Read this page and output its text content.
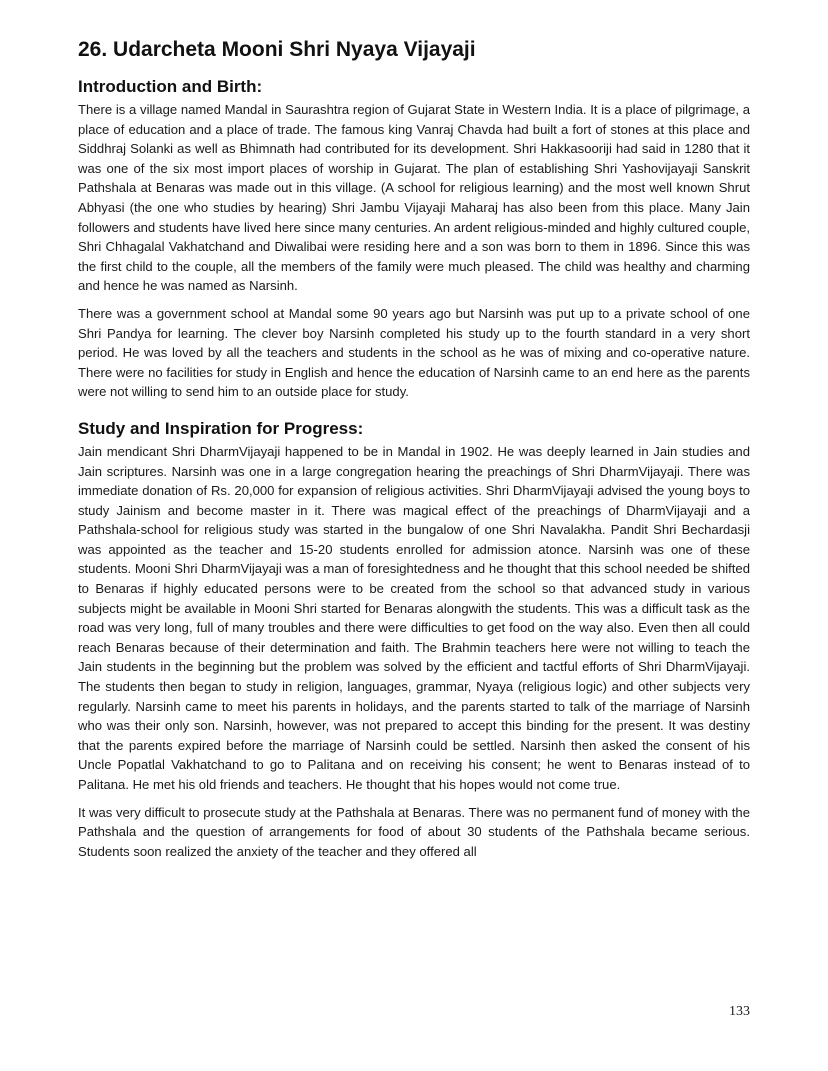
26. Udarcheta Mooni Shri Nyaya Vijayaji
Introduction and Birth:

There is a village named Mandal in Saurashtra region of Gujarat State in Western India. It is a place of pilgrimage, a place of education and a place of trade. The famous king Vanraj Chavda had built a fort of stones at this place and Siddhraj Solanki as well as Bhimnath had contributed for its development. Shri Hakkasooriji had said in 1280 that it was one of the six most import places of worship in Gujarat. The plan of establishing Shri Yashovijayaji Sanskrit Pathshala at Benaras was made out in this village. (A school for religious learning) and the most well known Shrut Abhyasi (the one who studies by hearing) Shri Jambu Vijayaji Maharaj has also been from this place. Many Jain followers and students have lived here since many centuries. An ardent religious-minded and highly cultured couple, Shri Chhagalal Vakhatchand and Diwalibai were residing here and a son was born to them in 1896. Since this was the first child to the couple, all the members of the family were much pleased. The child was healthy and charming and hence he was named as Narsinh.

There was a government school at Mandal some 90 years ago but Narsinh was put up to a private school of one Shri Pandya for learning. The clever boy Narsinh completed his study up to the fourth standard in a very short period. He was loved by all the teachers and students in the school as he was of mixing and co-operative nature. There were no facilities for study in English and hence the education of Narsinh came to an end here as the parents were not willing to send him to an outside place for study.

Study and Inspiration for Progress:

Jain mendicant Shri DharmVijayaji happened to be in Mandal in 1902. He was deeply learned in Jain studies and Jain scriptures. Narsinh was one in a large congregation hearing the preachings of Shri DharmVijayaji. There was immediate donation of Rs. 20,000 for expansion of religious activities. Shri DharmVijayaji advised the young boys to study Jainism and become master in it. There was magical effect of the preachings of DharmVijayaji and a Pathshala-school for religious study was started in the bungalow of one Shri Navalakha. Pandit Shri Bechardasji was appointed as the teacher and 15-20 students enrolled for admission atonce. Narsinh was one of these students. Mooni Shri DharmVijayaji was a man of foresightedness and he thought that this school needed be shifted to Benaras if highly educated persons were to be created from the school so that advanced study in various subjects might be available in Mooni Shri started for Benaras alongwith the students. This was a difficult task as the road was very long, full of many troubles and there were difficulties to get food on the way also. Even then all could reach Benaras because of their determination and faith. The Brahmin teachers here were not willing to teach the Jain students in the beginning but the problem was solved by the efficient and tactful efforts of Shri DharmVijayaji. The students then began to study in religion, languages, grammar, Nyaya (religious logic) and other subjects very regularly. Narsinh came to meet his parents in holidays, and the parents started to talk of the marriage of Narsinh who was their only son. Narsinh, however, was not prepared to accept this binding for the present. It was destiny that the parents expired before the marriage of Narsinh could be settled. Narsinh then asked the consent of his Uncle Popatlal Vakhatchand to go to Palitana and on receiving his consent; he went to Benaras instead of to Palitana. He met his old friends and teachers. He thought that his hopes would not come true.

It was very difficult to prosecute study at the Pathshala at Benaras. There was no permanent fund of money with the Pathshala and the question of arrangements for food of about 30 students of the Pathshala became serious. Students soon realized the anxiety of the teacher and they offered all

133
